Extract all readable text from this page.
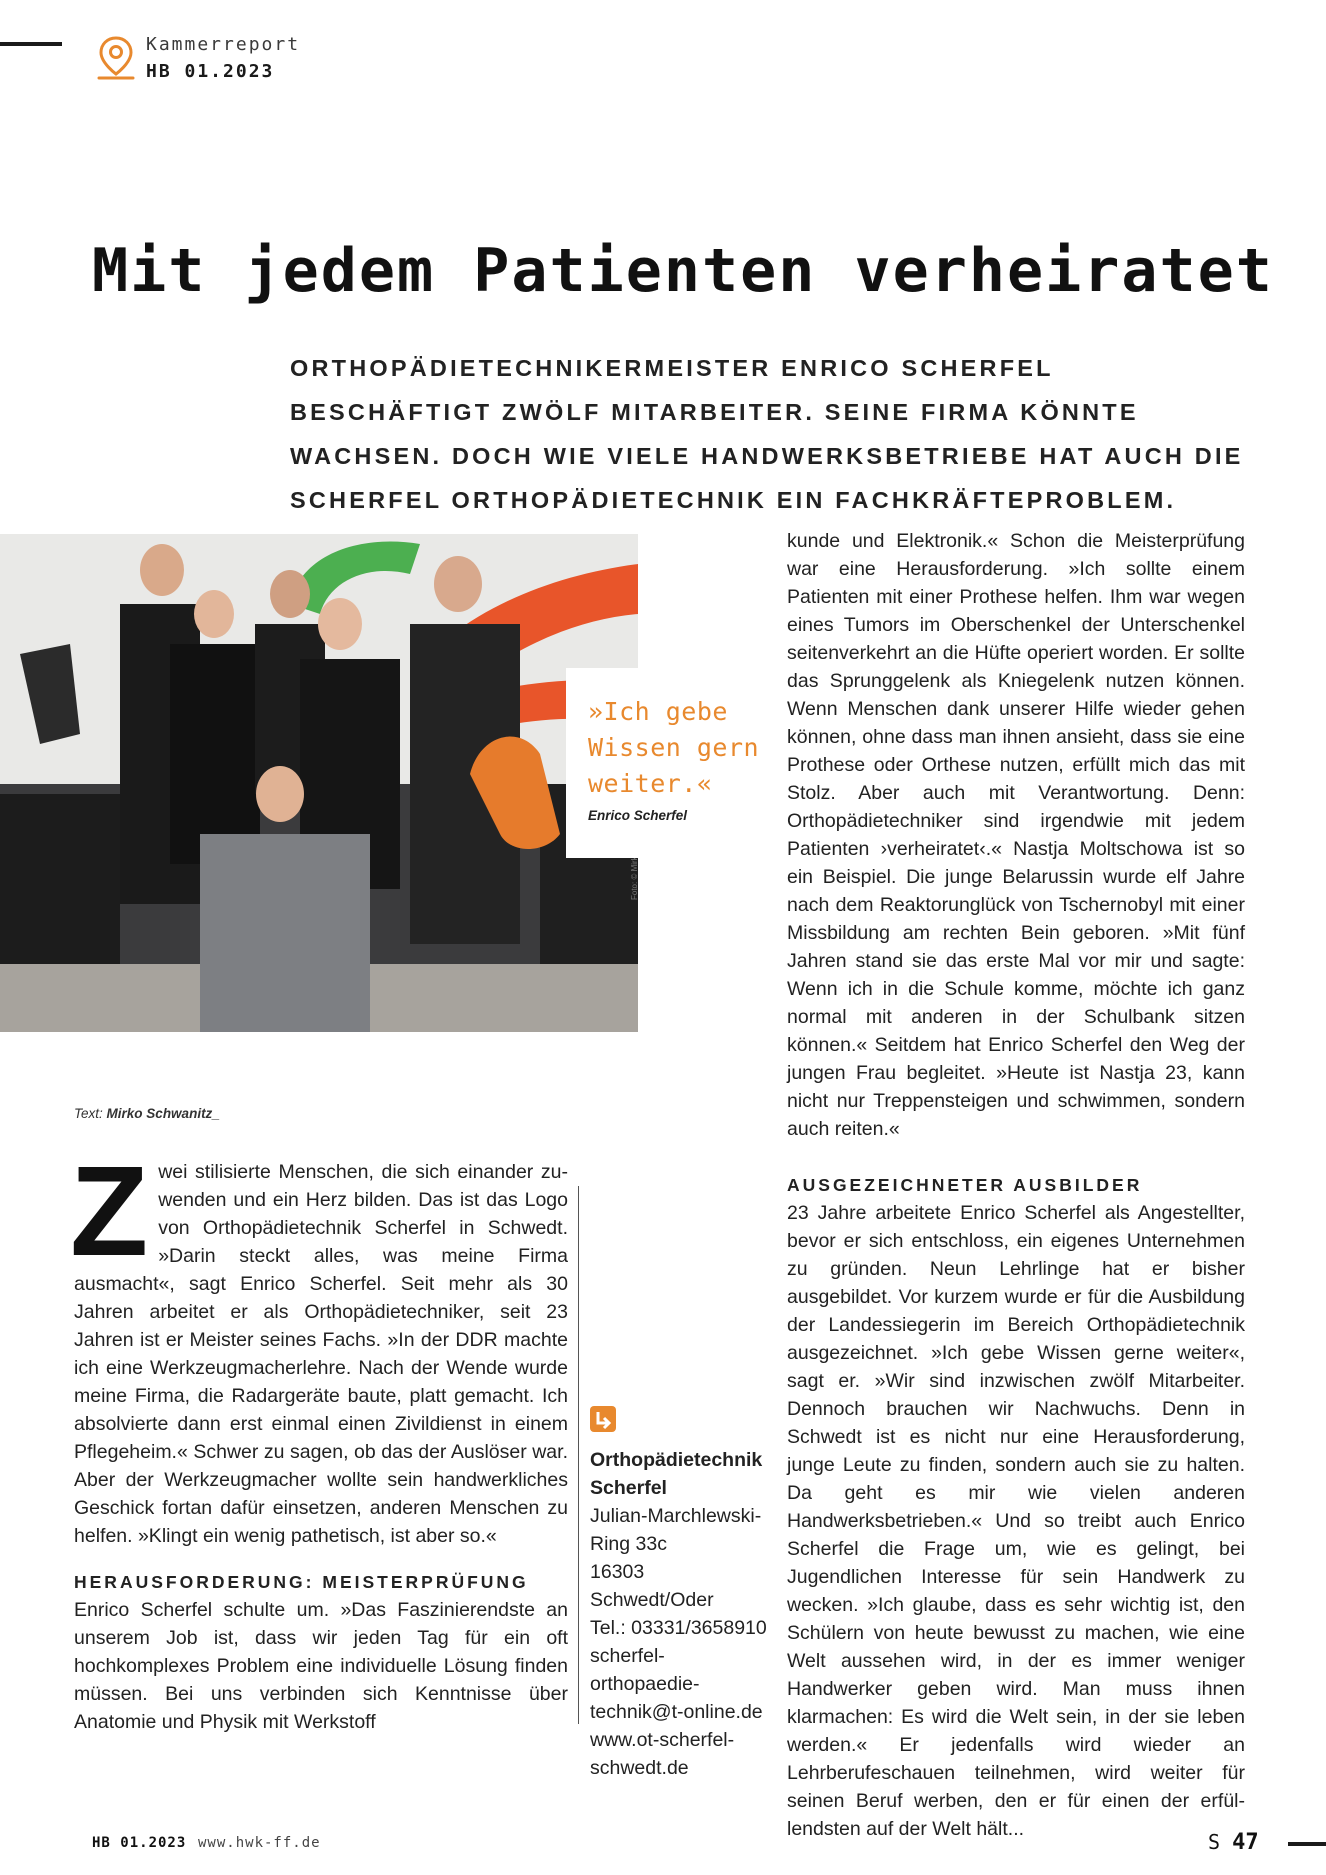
Kammerreport
HB 01.2023
Mit jedem Patienten verheiratet
ORTHOPÄDIETECHNIKERMEISTER ENRICO SCHERFEL BESCHÄFTIGT ZWÖLF MITARBEITER. SEINE FIRMA KÖNNTE WACHSEN. DOCH WIE VIELE HANDWERKSBETRIEBE HAT AUCH DIE SCHERFEL ORTHOPÄDIETECHNIK EIN FACHKRÄFTEPROBLEM.
»Ich gebe Wissen gern weiter.«
Enrico Scherfel
Text: Mirko Schwanitz_
Z wei stilisierte Menschen, die sich einander zuwenden und ein Herz bilden. Das ist das Logo von Orthopädietechnik Scherfel in Schwedt. »Darin steckt alles, was meine Firma ausmacht«, sagt Enrico Scherfel. Seit mehr als 30 Jahren arbeitet er als Orthopädietechniker, seit 23 Jahren ist er Meister seines Fachs. »In der DDR machte ich eine Werkzeugmacherlehre. Nach der Wende wurde meine Firma, die Radargeräte baute, platt gemacht. Ich absolvierte dann erst einmal einen Zivildienst in einem Pflegeheim.« Schwer zu sagen, ob das der Auslöser war. Aber der Werkzeugmacher wollte sein handwerkliches Geschick fortan dafür einsetzen, anderen Menschen zu helfen. »Klingt ein wenig pathetisch, ist aber so.«
HERAUSFORDERUNG: MEISTERPRÜFUNG
Enrico Scherfel schulte um. »Das Faszinierendste an unserem Job ist, dass wir jeden Tag für ein oft hochkomplexes Problem eine individuelle Lösung finden müssen. Bei uns verbinden sich Kenntnisse über Anatomie und Physik mit Werkstoff
Orthopädietechnik Scherfel
Julian-Marchlewski-Ring 33c
16303 Schwedt/Oder
Tel.: 03331/3658910
scherfel-orthopaedietechnik@t-online.de
www.ot-scherfel-schwedt.de
kunde und Elektronik.« Schon die Meisterprüfung war eine Herausforderung. »Ich sollte einem Patienten mit einer Prothese helfen. Ihm war wegen eines Tumors im Oberschenkel der Unterschenkel seitenverkehrt an die Hüfte operiert worden. Er sollte das Sprunggelenk als Kniegelenk nutzen können. Wenn Menschen dank unserer Hilfe wieder gehen können, ohne dass man ihnen ansieht, dass sie eine Prothese oder Orthese nutzen, erfüllt mich das mit Stolz. Aber auch mit Verantwortung. Denn: Orthopädietechniker sind irgendwie mit jedem Patienten ›verheiratet‹.« Nastja Moltschowa ist so ein Beispiel. Die junge Belarussin wurde elf Jahre nach dem Reaktorunglück von Tschernobyl mit einer Missbildung am rechten Bein geboren. »Mit fünf Jahren stand sie das erste Mal vor mir und sagte: Wenn ich in die Schule komme, möchte ich ganz normal mit anderen in der Schulbank sitzen können.« Seitdem hat Enrico Scherfel den Weg der jungen Frau begleitet. »Heute ist Nastja 23, kann nicht nur Treppensteigen und schwimmen, sondern auch reiten.«
AUSGEZEICHNETER AUSBILDER
23 Jahre arbeitete Enrico Scherfel als Angestellter, bevor er sich entschloss, ein eigenes Unternehmen zu gründen. Neun Lehrlinge hat er bisher ausgebildet. Vor kurzem wurde er für die Ausbildung der Landessiegerin im Bereich Orthopädietechnik ausgezeichnet. »Ich gebe Wissen gerne weiter«, sagt er. »Wir sind inzwischen zwölf Mitarbeiter. Dennoch brauchen wir Nachwuchs. Denn in Schwedt ist es nicht nur eine Herausforderung, junge Leute zu finden, sondern auch sie zu halten. Da geht es mir wie vielen anderen Handwerksbetrieben.« Und so treibt auch Enrico Scherfel die Frage um, wie es gelingt, bei Jugendlichen Interesse für sein Handwerk zu wecken. »Ich glaube, dass es sehr wichtig ist, den Schülern von heute bewusst zu machen, wie eine Welt aussehen wird, in der es immer weniger Handwerker geben wird. Man muss ihnen klarmachen: Es wird die Welt sein, in der sie leben werden.« Er jedenfalls wird wieder an Lehrberufeschauen teilnehmen, wird weiter für seinen Beruf werben, den er für einen der erfüllendsten auf der Welt hält...
HB 01.2023 www.hwk-ff.de	S 47
